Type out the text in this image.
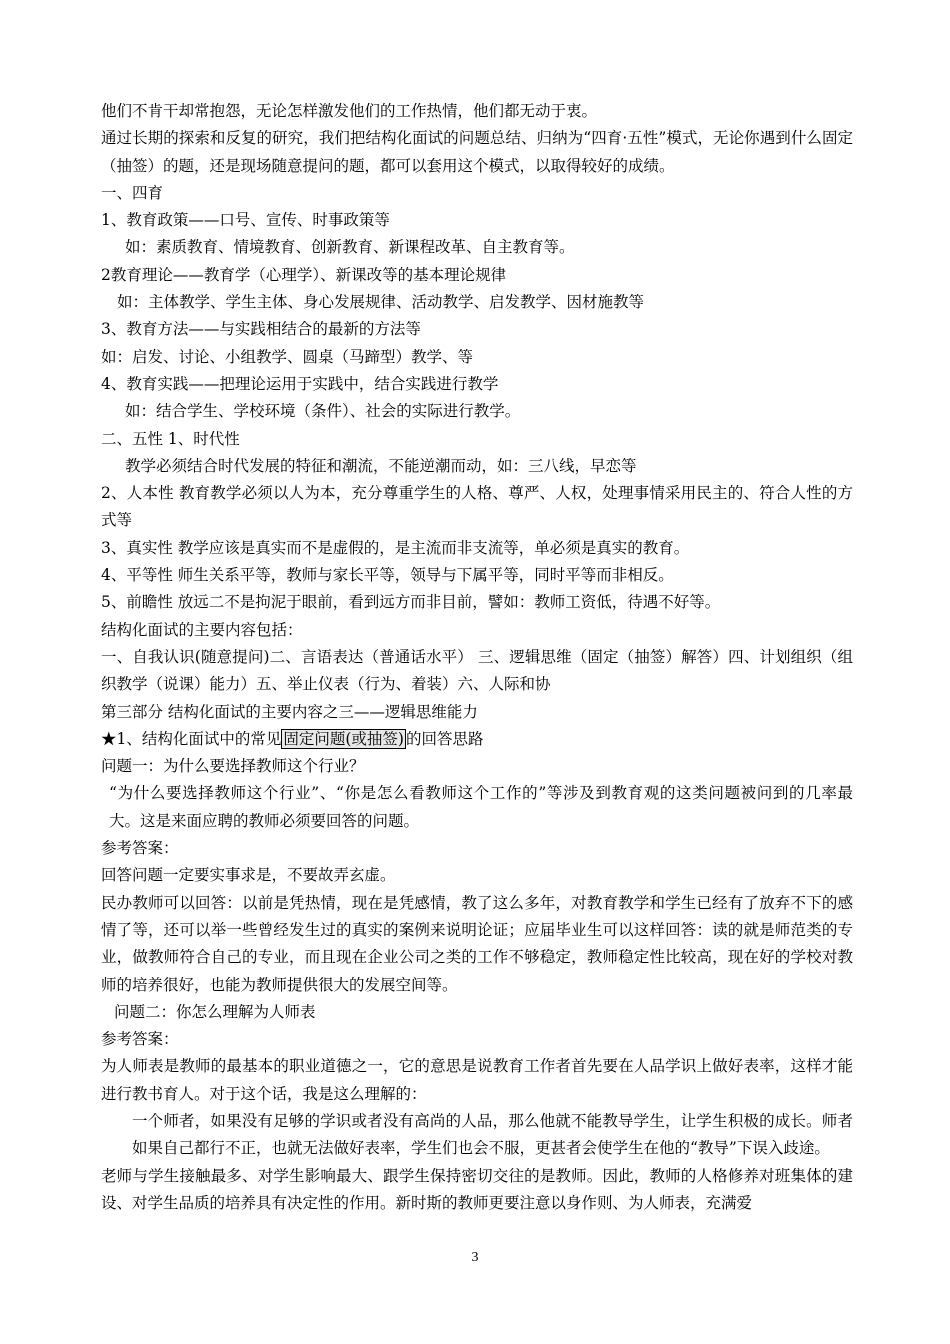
他们不肯干却常抱怨，无论怎样激发他们的工作热情，他们都无动于衷。
通过长期的探索和反复的研究，我们把结构化面试的问题总结、归纳为“四育·五性”模式，无论你遇到什么固定（抽签）的题，还是现场随意提问的题，都可以套用这个模式，以取得较好的成绩。
一、四育
1、教育政策——口号、宣传、时事政策等
如：素质教育、情境教育、创新教育、新课程改革、自主教育等。
2教育理论——教育学（心理学）、新课改等的基本理论规律
如：主体教学、学生主体、身心发展规律、活动教学、启发教学、因材施教等
3、教育方法——与实践相结合的最新的方法等
如：启发、讨论、小组教学、圆桌（马蹄型）教学、等
4、教育实践——把理论运用于实践中，结合实践进行教学
如：结合学生、学校环境（条件）、社会的实际进行教学。
二、五性 1、时代性
教学必须结合时代发展的特征和潮流，不能逆潮而动，如：三八线，早恋等
2、人本性 教育教学必须以人为本，充分尊重学生的人格、尊严、人权，处理事情采用民主的、符合人性的方式等
3、真实性 教学应该是真实而不是虚假的，是主流而非支流等，单必须是真实的教育。
4、平等性 师生关系平等，教师与家长平等，领导与下属平等，同时平等而非相反。
5、前瞻性 放远二不是拘泥于眼前，看到远方而非目前，譬如：教师工资低，待遇不好等。
结构化面试的主要内容包括：
一、自我认识(随意提问)二、言语表达（普通话水平） 三、逻辑思维（固定（抽签）解答）四、计划组织（组织教学（说课）能力）五、举止仪表（行为、着装）六、人际和协
第三部分 结构化面试的主要内容之三——逻辑思维能力
★1、结构化面试中的常见 固定问题(或抽签) 的回答思路
问题一：为什么要选择教师这个行业？
“为什么要选择教师这个行业”、“你是怎么看教师这个工作的”等涉及到教育观的这类问题被问到的几率最大。这是来面应聘的教师必须要回答的问题。
参考答案：
回答问题一定要实事求是，不要故弄玄虚。
民办教师可以回答：以前是凭热情，现在是凭感情，教了这么多年，对教育教学和学生已经有了放弃不下的感情了等，还可以举一些曾经发生过的真实的案例来说明论证；应届毕业生可以这样回答：读的就是师范类的专业，做教师符合自己的专业，而且现在企业公司之类的工作不够稳定，教师稳定性比较高，现在好的学校对教师的培养很好，也能为教师提供很大的发展空间等。
问题二：你怎么理解为人师表
参考答案：
为人师表是教师的最基本的职业道德之一，它的意思是说教育工作者首先要在人品学识上做好表率，这样才能进行教书育人。对于这个话，我是这么理解的：
一个师者，如果没有足够的学识或者没有高尚的人品，那么他就不能教导学生，让学生积极的成长。师者如果自己都行不正，也就无法做好表率，学生们也会不服，更甚者会使学生在他的“教导”下误入歧途。
老师与学生接触最多、对学生影响最大、跟学生保持密切交往的是教师。因此，教师的人格修养对班集体的建设、对学生品质的培养具有决定性的作用。新时斯的教师更要注意以身作则、为人师表，充满爱
3
